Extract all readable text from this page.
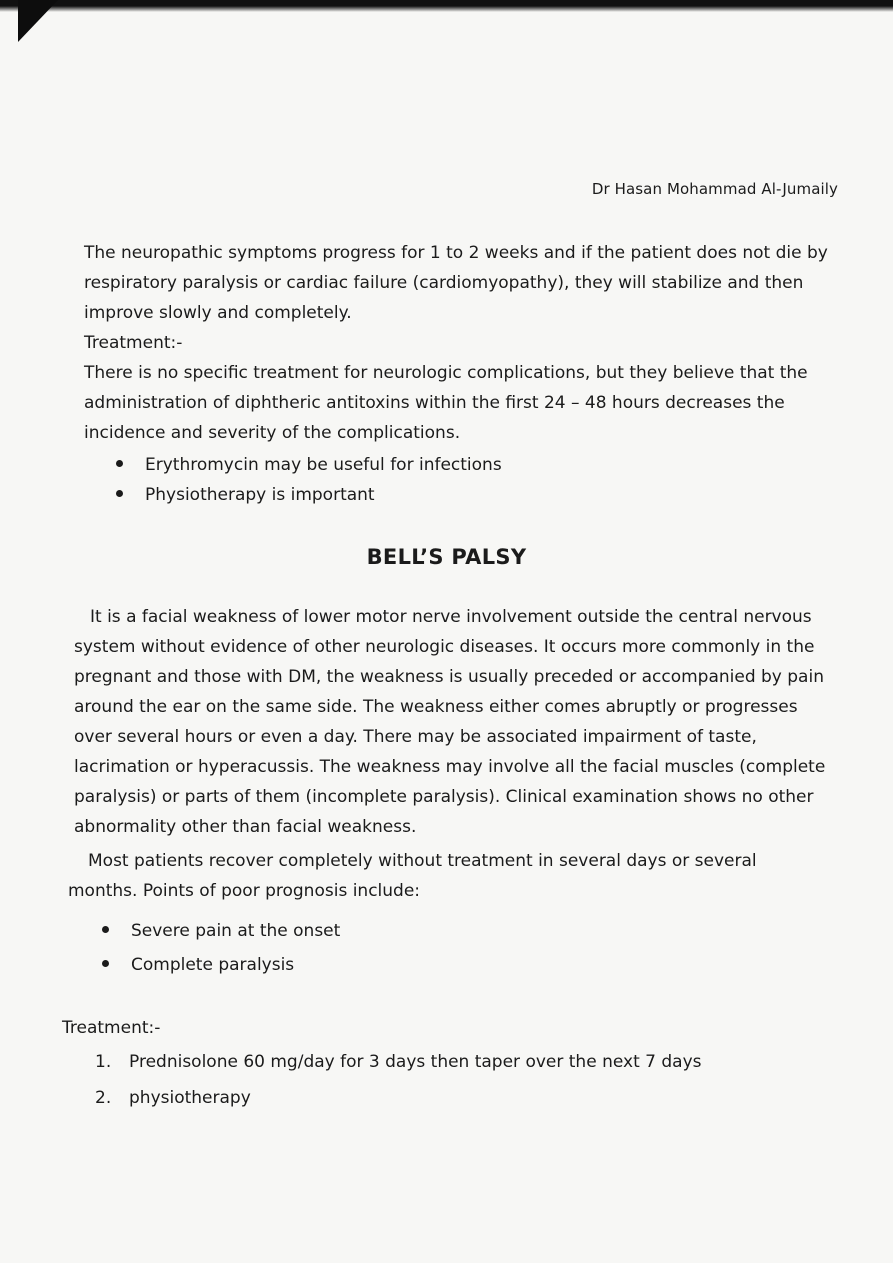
Dr Hasan Mohammad Al-Jumaily
The neuropathic symptoms progress for 1 to 2 weeks and if the patient does not die by
respiratory paralysis or cardiac failure (cardiomyopathy), they will stabilize and then
improve slowly and completely.
Treatment:-
There is no specific treatment for neurologic complications, but they believe that the
administration of diphtheric antitoxins within the first 24 – 48 hours decreases the
incidence and severity of the complications.
Erythromycin may be useful for infections
Physiotherapy is important
BELL’S PALSY
It is a facial weakness of lower motor nerve involvement outside the central nervous
system without evidence of other neurologic diseases. It occurs more commonly in the
pregnant and those with DM, the weakness is usually preceded or accompanied by pain
around the ear on the same side. The weakness either comes abruptly or progresses
over several hours or even a day. There may be associated impairment of taste,
lacrimation or hyperacussis. The weakness may involve all the facial muscles (complete
paralysis) or parts of them (incomplete paralysis). Clinical examination shows no other
abnormality other than facial weakness.
Most patients recover completely without treatment in several days or several
months. Points of poor prognosis include:
Severe pain at the onset
Complete paralysis
Treatment:-
1. Prednisolone 60 mg/day for 3 days then taper over the next 7 days
2. physiotherapy
